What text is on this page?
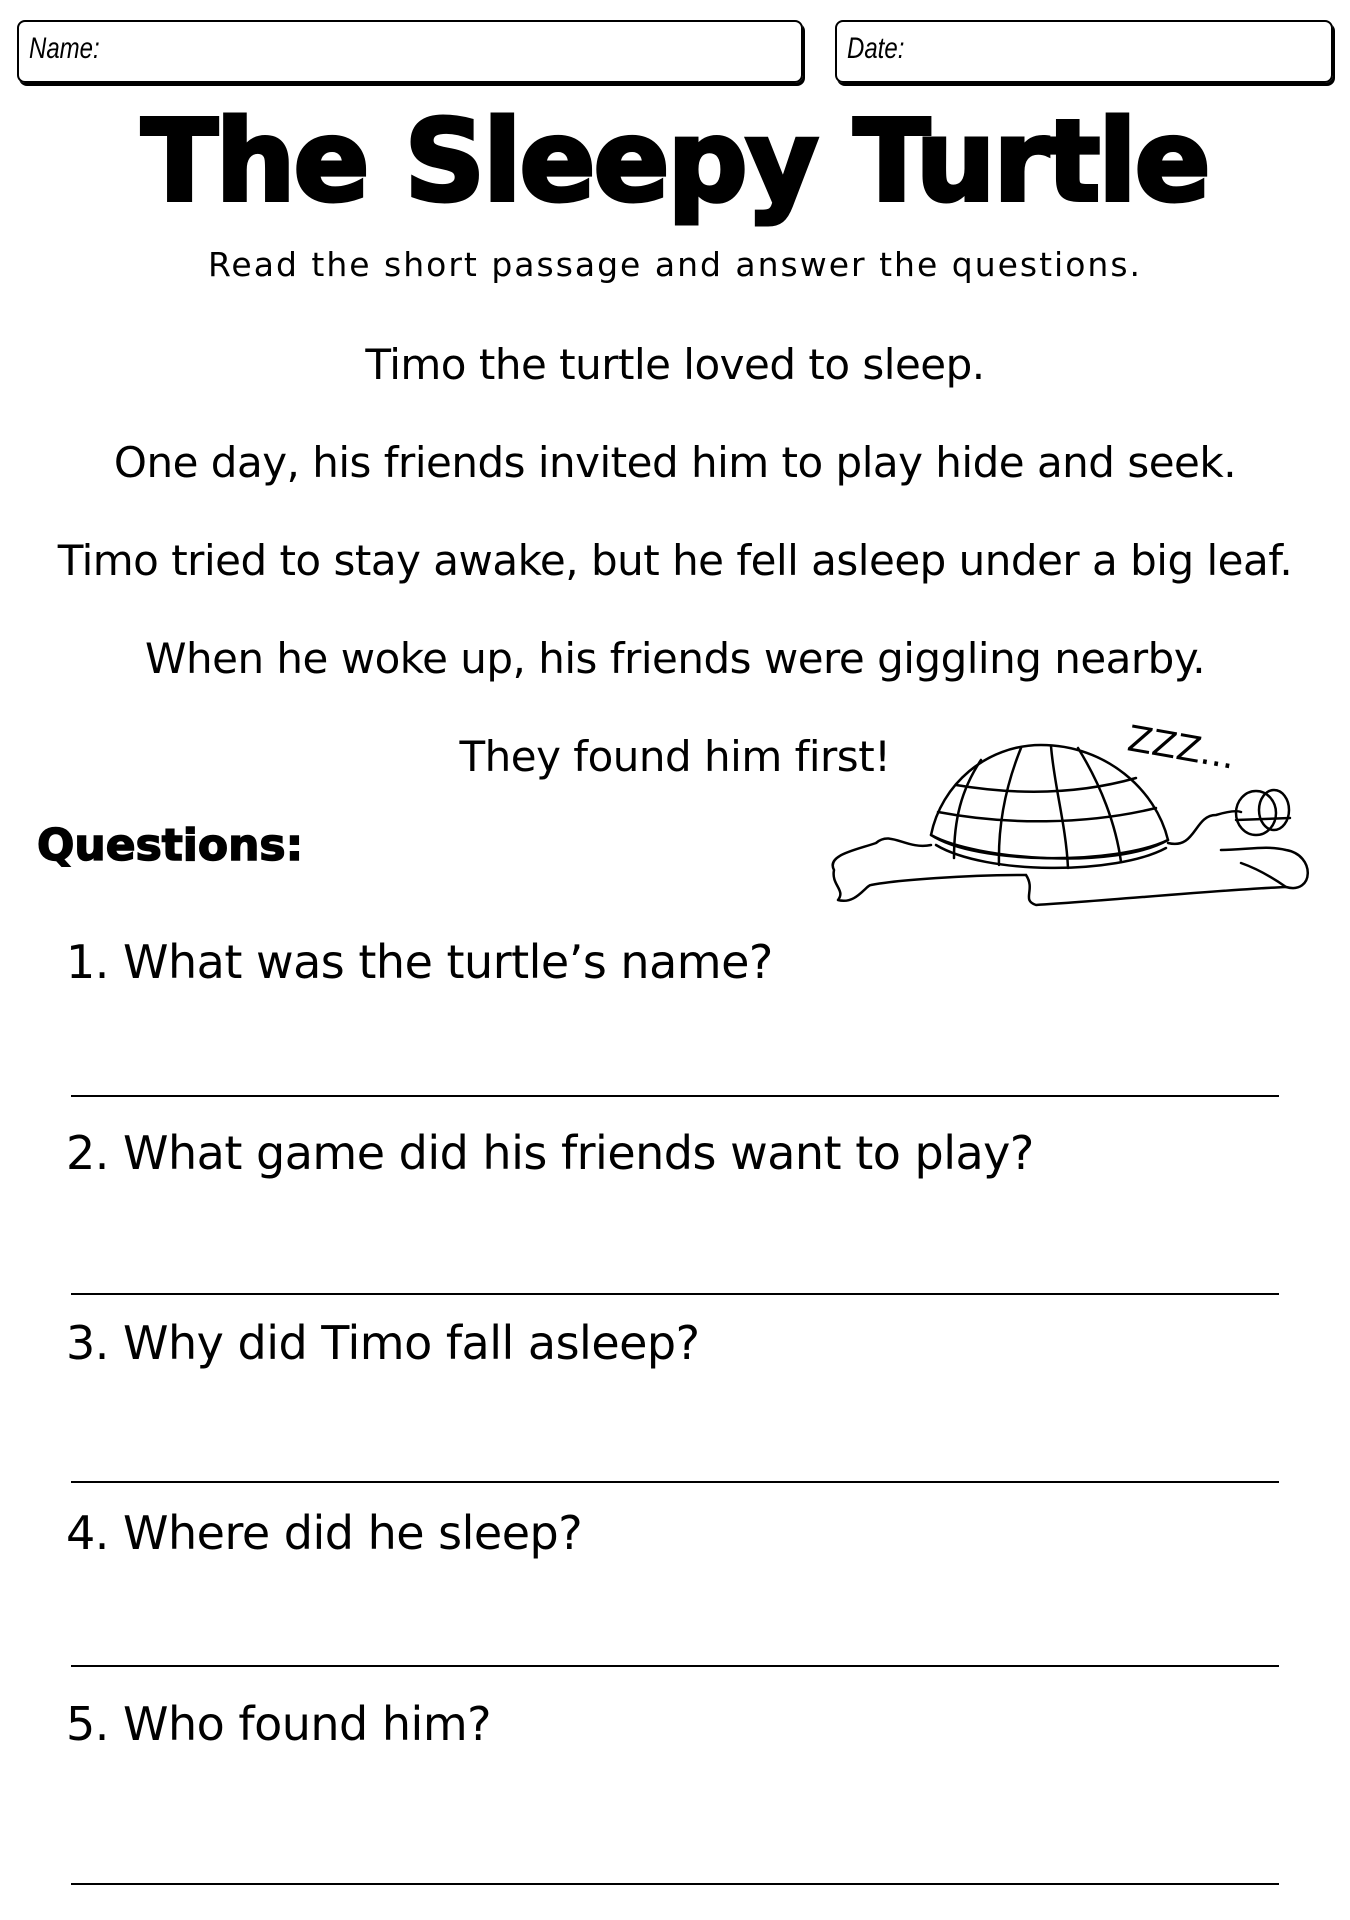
Name:	Date:
The Sleepy Turtle
Read the short passage and answer the questions.
Timo the turtle loved to sleep.
One day, his friends invited him to play hide and seek.
Timo tried to stay awake, but he fell asleep under a big leaf.
When he woke up, his friends were giggling nearby.
They found him first!	ZZZ...
Questions:
1. What was the turtle’s name?
2. What game did his friends want to play?
3. Why did Timo fall asleep?
4. Where did he sleep?
5. Who found him?
